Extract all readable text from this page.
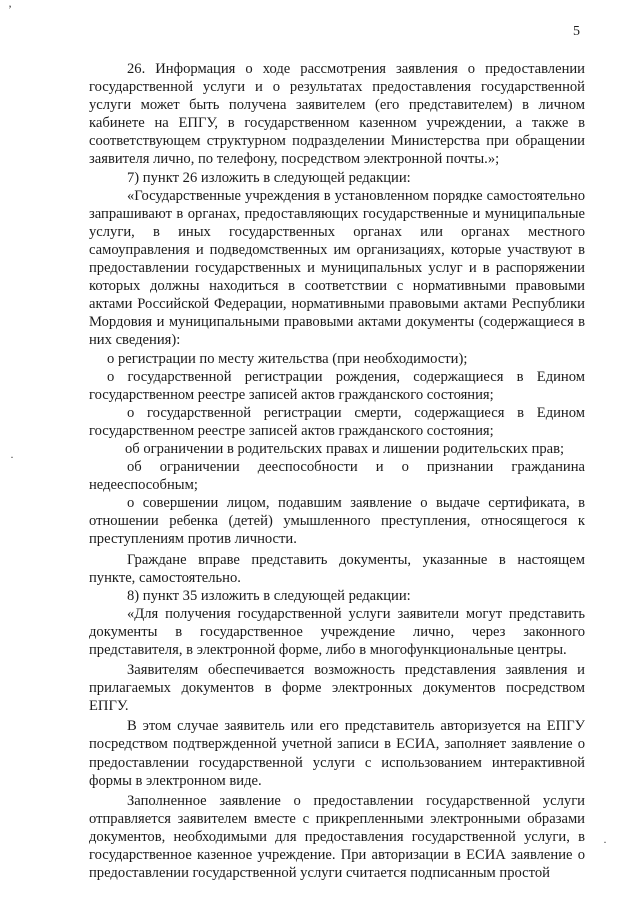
5
’
·
·

26. Информация о ходе рассмотрения заявления о предоставлении государственной услуги и о результатах предоставления государственной услуги может быть получена заявителем (его представителем) в личном кабинете на ЕПГУ, в государственном казенном учреждении, а также в соответствующем структурном подразделении Министерства при обращении заявителя лично, по телефону, посредством электронной почты.»;

7) пункт 26 изложить в следующей редакции:

«Государственные учреждения в установленном порядке самостоятельно запрашивают в органах, предоставляющих государственные и муниципальные услуги, в иных государственных органах или органах местного самоуправления и подведомственных им организациях, которые участвуют в предоставлении государственных и муниципальных услуг и в распоряжении которых должны находиться в соответствии с нормативными правовыми актами Российской Федерации, нормативными правовыми актами Республики Мордовия и муниципальными правовыми актами документы (содержащиеся в них сведения):

о регистрации по месту жительства (при необходимости);

о государственной регистрации рождения, содержащиеся в Едином государственном реестре записей актов гражданского состояния;

о государственной регистрации смерти, содержащиеся в Едином государственном реестре записей актов гражданского состояния;

об ограничении в родительских правах и лишении родительских прав;

об ограничении дееспособности и о признании гражданина недееспособным;

о совершении лицом, подавшим заявление о выдаче сертификата, в отношении ребенка (детей) умышленного преступления, относящегося к преступлениям против личности.

Граждане вправе представить документы, указанные в настоящем пункте, самостоятельно.

8) пункт 35 изложить в следующей редакции:

«Для получения государственной услуги заявители могут представить документы в государственное учреждение лично, через законного представителя, в электронной форме, либо в многофункциональные центры.

Заявителям обеспечивается возможность представления заявления и прилагаемых документов в форме электронных документов посредством ЕПГУ.

В этом случае заявитель или его представитель авторизуется на ЕПГУ посредством подтвержденной учетной записи в ЕСИА, заполняет заявление о предоставлении государственной услуги с использованием интерактивной формы в электронном виде.

Заполненное заявление о предоставлении государственной услуги отправляется заявителем вместе с прикрепленными электронными образами документов, необходимыми для предоставления государственной услуги, в государственное казенное учреждение. При авторизации в ЕСИА заявление о предоставлении государственной услуги считается подписанным простой
